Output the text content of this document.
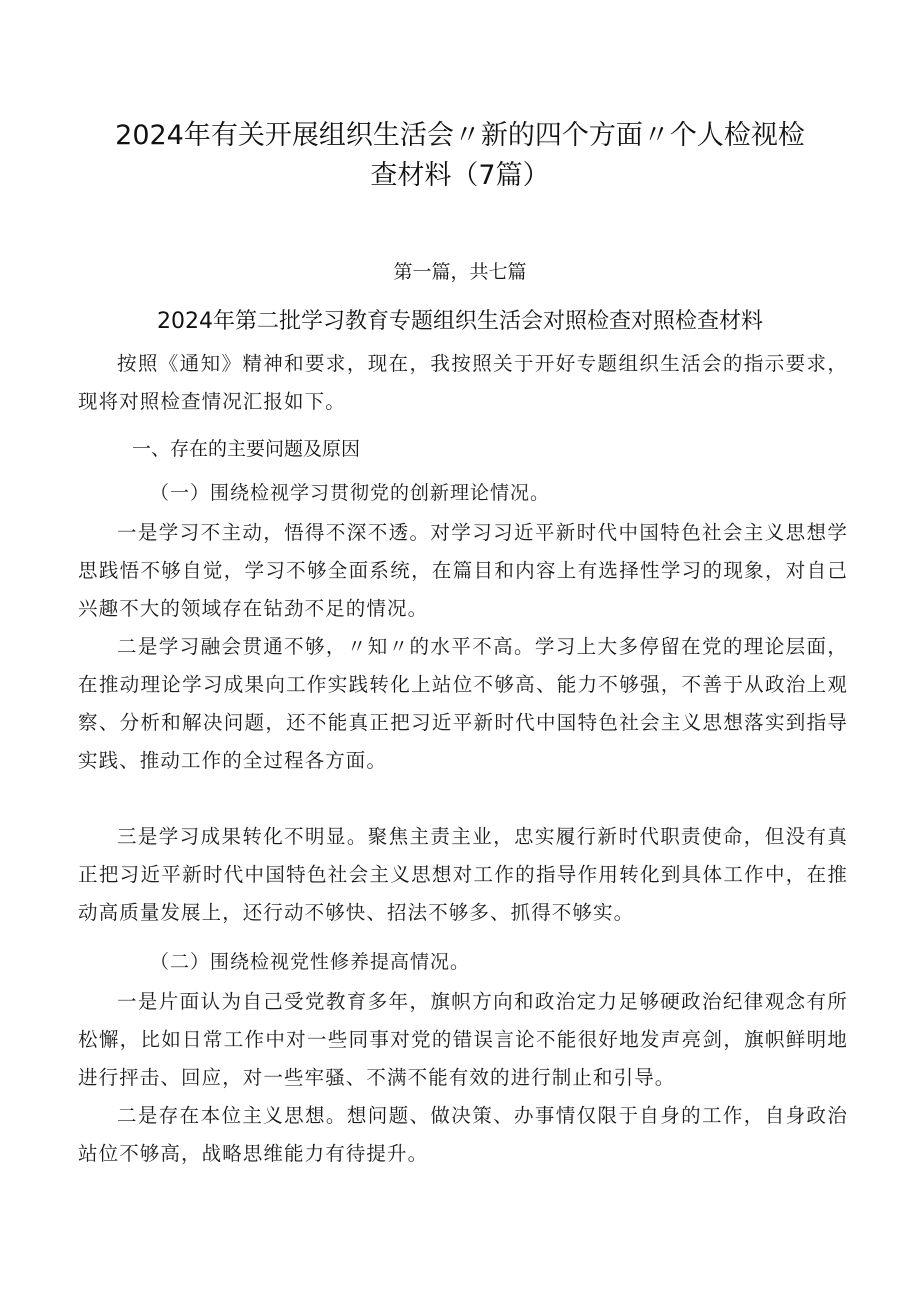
2024年有关开展组织生活会〃新的四个方面〃个人检视检
查材料（7篇）
第一篇，共七篇
2024年第二批学习教育专题组织生活会对照检查对照检查材料

按照《通知》精神和要求，现在，我按照关于开好专题组织生活会的指示要求，现将对照检查情况汇报如下。

一、存在的主要问题及原因

（一）围绕检视学习贯彻党的创新理论情况。

一是学习不主动，悟得不深不透。对学习习近平新时代中国特色社会主义思想学思践悟不够自觉，学习不够全面系统，在篇目和内容上有选择性学习的现象，对自己兴趣不大的领域存在钻劲不足的情况。

二是学习融会贯通不够，〃知〃的水平不高。学习上大多停留在党的理论层面，在推动理论学习成果向工作实践转化上站位不够高、能力不够强，不善于从政治上观察、分析和解决问题，还不能真正把习近平新时代中国特色社会主义思想落实到指导实践、推动工作的全过程各方面。

三是学习成果转化不明显。聚焦主责主业，忠实履行新时代职责使命，但没有真正把习近平新时代中国特色社会主义思想对工作的指导作用转化到具体工作中，在推动高质量发展上，还行动不够快、招法不够多、抓得不够实。

（二）围绕检视党性修养提高情况。

一是片面认为自己受党教育多年，旗帜方向和政治定力足够硬政治纪律观念有所松懈，比如日常工作中对一些同事对党的错误言论不能很好地发声亮剑，旗帜鲜明地进行抨击、回应，对一些牢骚、不满不能有效的进行制止和引导。

二是存在本位主义思想。想问题、做决策、办事情仅限于自身的工作，自身政治站位不够高，战略思维能力有待提升。
